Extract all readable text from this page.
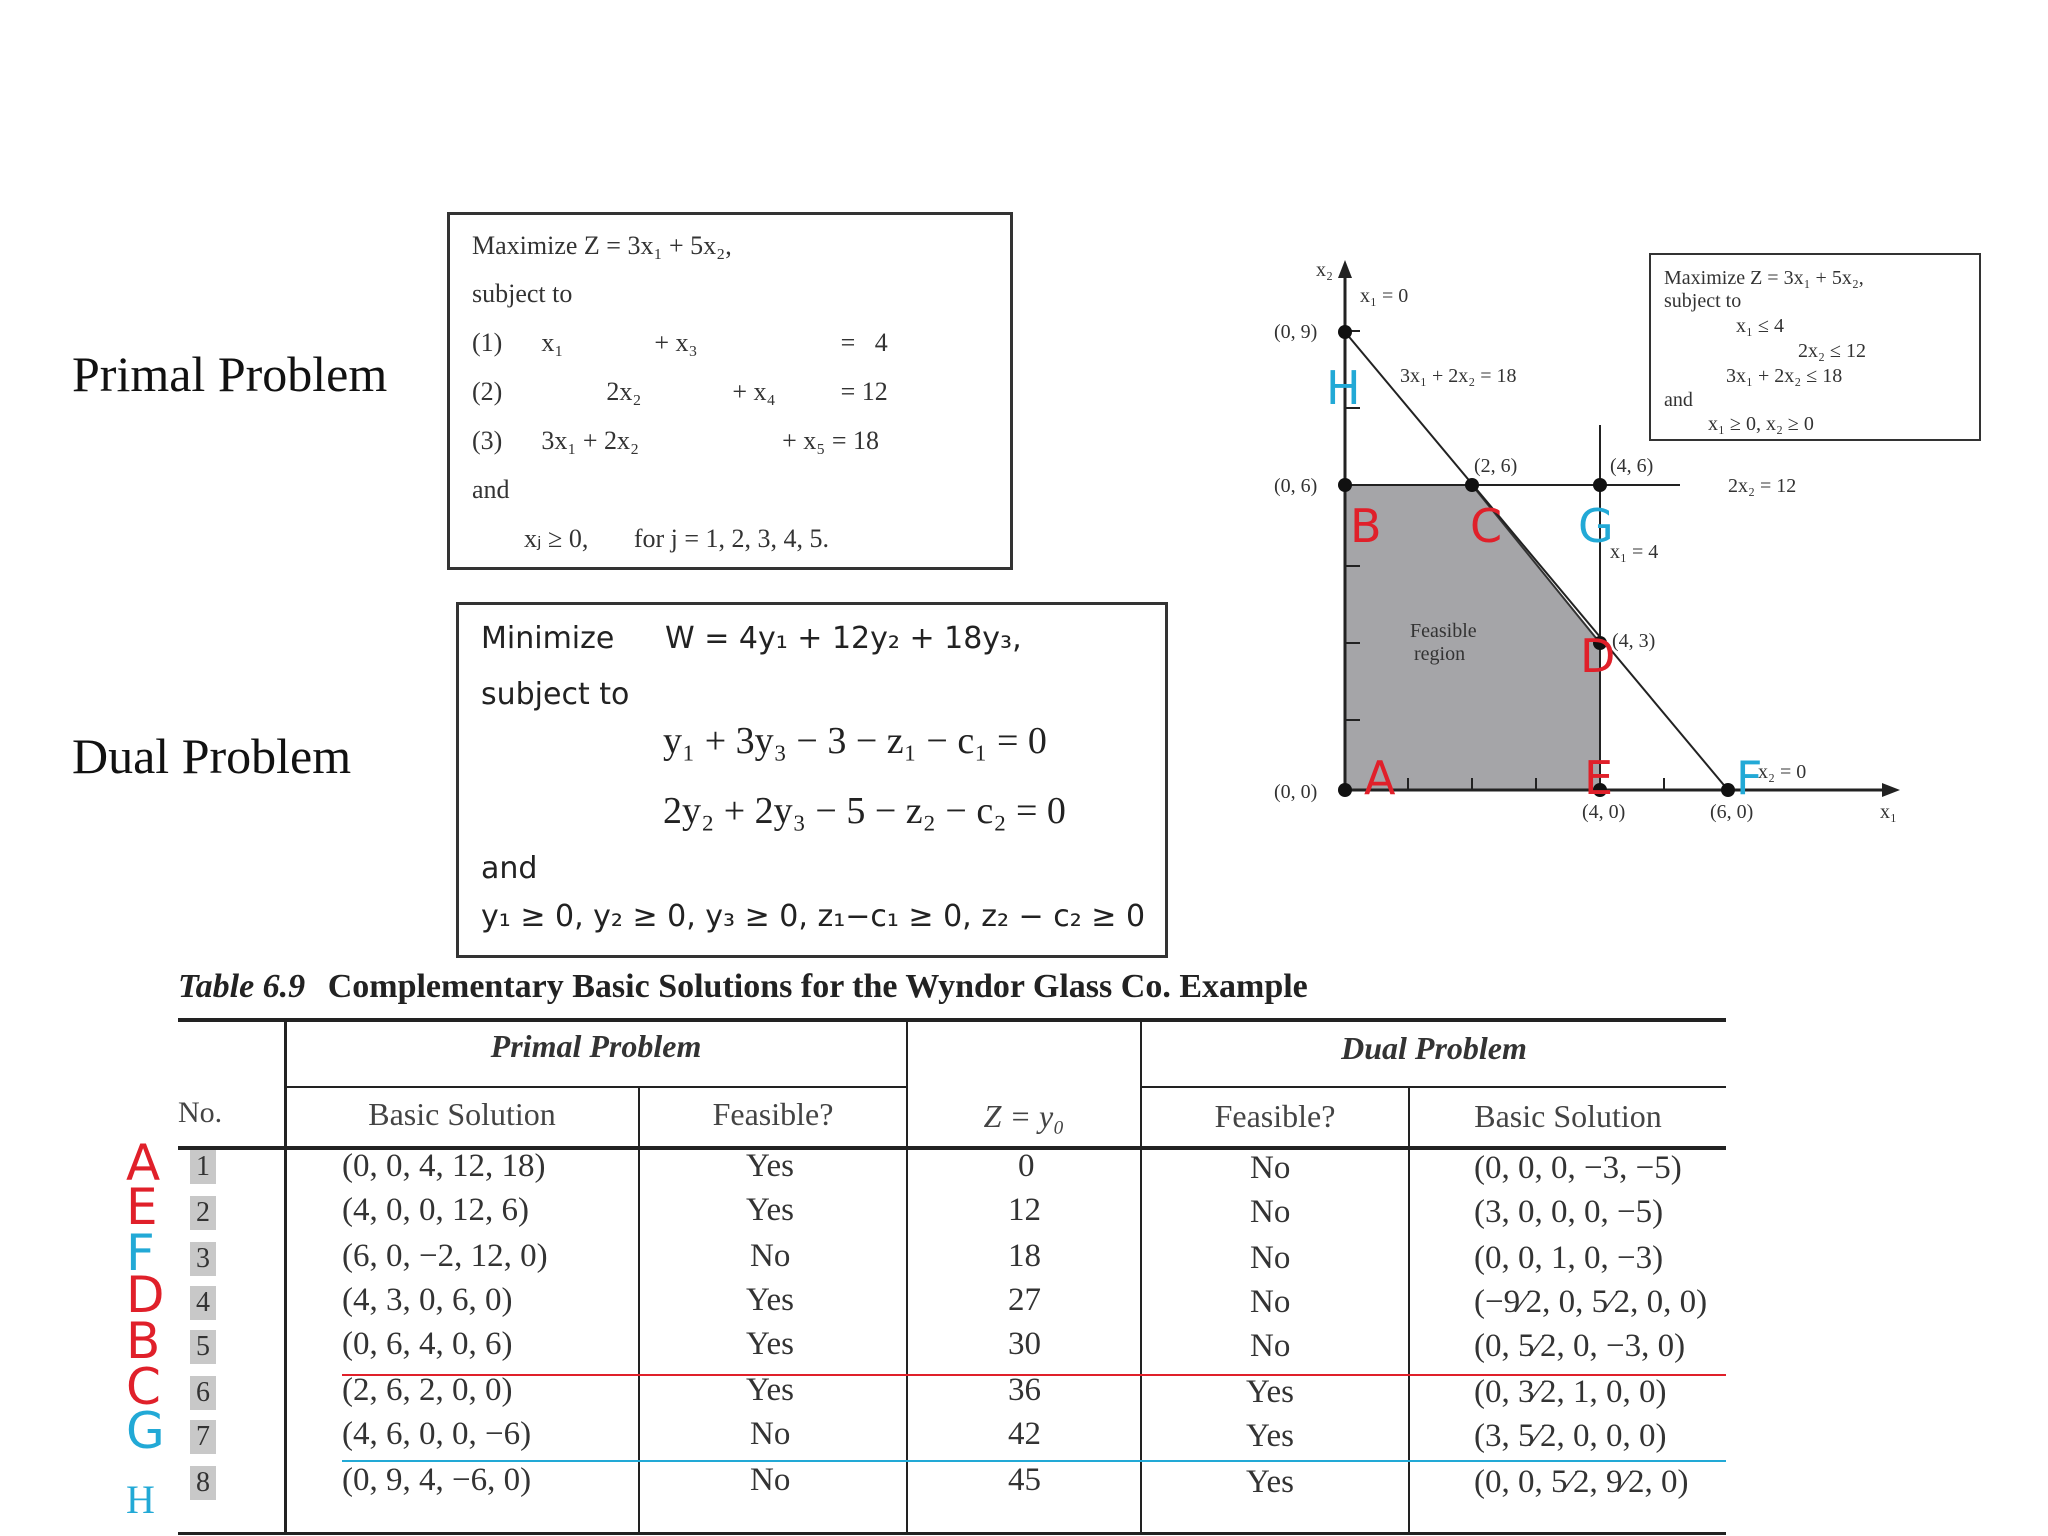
Primal Problem
Dual Problem
Maximize Z = 3x₁ + 5x₂,
subject to
(1)      x₁              + x₃                      =   4
(2)                2x₂              + x₄          = 12
(3)      3x₁ + 2x₂                      + x₅ = 18
and
xⱼ ≥ 0,       for j = 1, 2, 3, 4, 5.
Minimize W = 4y₁ + 12y₂ + 18y₃,
subject to
y₁ + 3y₃ − 3 − z₁ − c₁ = 0
2y₂ + 2y₃ − 5 − z₂ − c₂ = 0
and
y₁ ≥ 0, y₂ ≥ 0, y₃ ≥ 0, z₁−c₁ ≥ 0, z₂ − c₂ ≥ 0
Maximize Z = 3x₁ + 5x₂,
subject to
x₁ ≤ 4
2x₂ ≤ 12
3x₁ + 2x₂ ≤ 18
and
x₁ ≥ 0, x₂ ≥ 0
x₂
x₁
x₁ = 0
3x₁ + 2x₂ = 18
2x₂ = 12
x₁ = 4
x₂ = 0
(0, 9)
(0, 6)
(0, 0)
(2, 6)	(4, 6)
(4, 3)
(4, 0)	(6, 0)
Feasible
region
B C
D
E
A
G
F
H
Table 6.9 Complementary Basic Solutions for the Wyndor Glass Co. Example
Primal Problem	Dual Problem
No.	Basic Solution	Feasible?	Z = y₀	Feasible?	Basic Solution
A 1	(0, 0, 4, 12, 18)	Yes	0	No	(0, 0, 0, −3, −5)
E 2	(4, 0, 0, 12, 6)	Yes	12	No	(3, 0, 0, 0, −5)
F 3	(6, 0, −2, 12, 0)	No	18	No	(0, 0, 1, 0, −3)
D 4	(4, 3, 0, 6, 0)	Yes	27	No	(−9⁄2, 0, 5⁄2, 0, 0)
B 5	(0, 6, 4, 0, 6)	Yes	30	No	(0, 5⁄2, 0, −3, 0)
C 6	(2, 6, 2, 0, 0)	Yes	36	Yes	(0, 3⁄2, 1, 0, 0)
G 7	(4, 6, 0, 0, −6)	No	42	Yes	(3, 5⁄2, 0, 0, 0)
H 8	(0, 9, 4, −6, 0)	No	45	Yes	(0, 0, 5⁄2, 9⁄2, 0)
